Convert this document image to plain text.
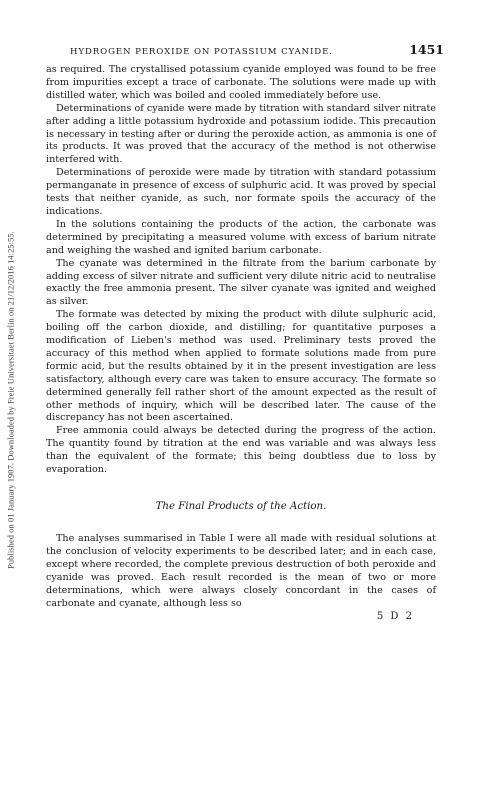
Published on 01 January 1907. Downloaded by Freie Universitaet Berlin on 21/12/2016 14:25:55.
HYDROGEN PEROXIDE ON POTASSIUM CYANIDE.	1451

as required. The crystallised potassium cyanide employed was found to be free from impurities except a trace of carbonate. The solutions were made up with distilled water, which was boiled and cooled immediately before use.

Determinations of cyanide were made by titration with standard silver nitrate after adding a little potassium hydroxide and potassium iodide. This precaution is necessary in testing after or during the peroxide action, as ammonia is one of its products. It was proved that the accuracy of the method is not otherwise interfered with.

Determinations of peroxide were made by titration with standard potassium permanganate in presence of excess of sulphuric acid. It was proved by special tests that neither cyanide, as such, nor formate spoils the accuracy of the indications.

In the solutions containing the products of the action, the carbonate was determined by precipitating a measured volume with excess of barium nitrate and weighing the washed and ignited barium carbonate.

The cyanate was determined in the filtrate from the barium carbonate by adding excess of silver nitrate and sufficient very dilute nitric acid to neutralise exactly the free ammonia present. The silver cyanate was ignited and weighed as silver.

The formate was detected by mixing the product with dilute sulphuric acid, boiling off the carbon dioxide, and distilling; for quantitative purposes a modification of Lieben's method was used. Preliminary tests proved the accuracy of this method when applied to formate solutions made from pure formic acid, but the results obtained by it in the present investigation are less satisfactory, although every care was taken to ensure accuracy. The formate so determined generally fell rather short of the amount expected as the result of other methods of inquiry, which will be described later. The cause of the discrepancy has not been ascertained.

Free ammonia could always be detected during the progress of the action. The quantity found by titration at the end was variable and was always less than the equivalent of the formate; this being doubtless due to loss by evaporation.

The Final Products of the Action.

The analyses summarised in Table I were all made with residual solutions at the conclusion of velocity experiments to be described later; and in each case, except where recorded, the complete previous destruction of both peroxide and cyanide was proved. Each result recorded is the mean of two or more determinations, which were always closely concordant in the cases of carbonate and cyanate, although less so

5 D 2
